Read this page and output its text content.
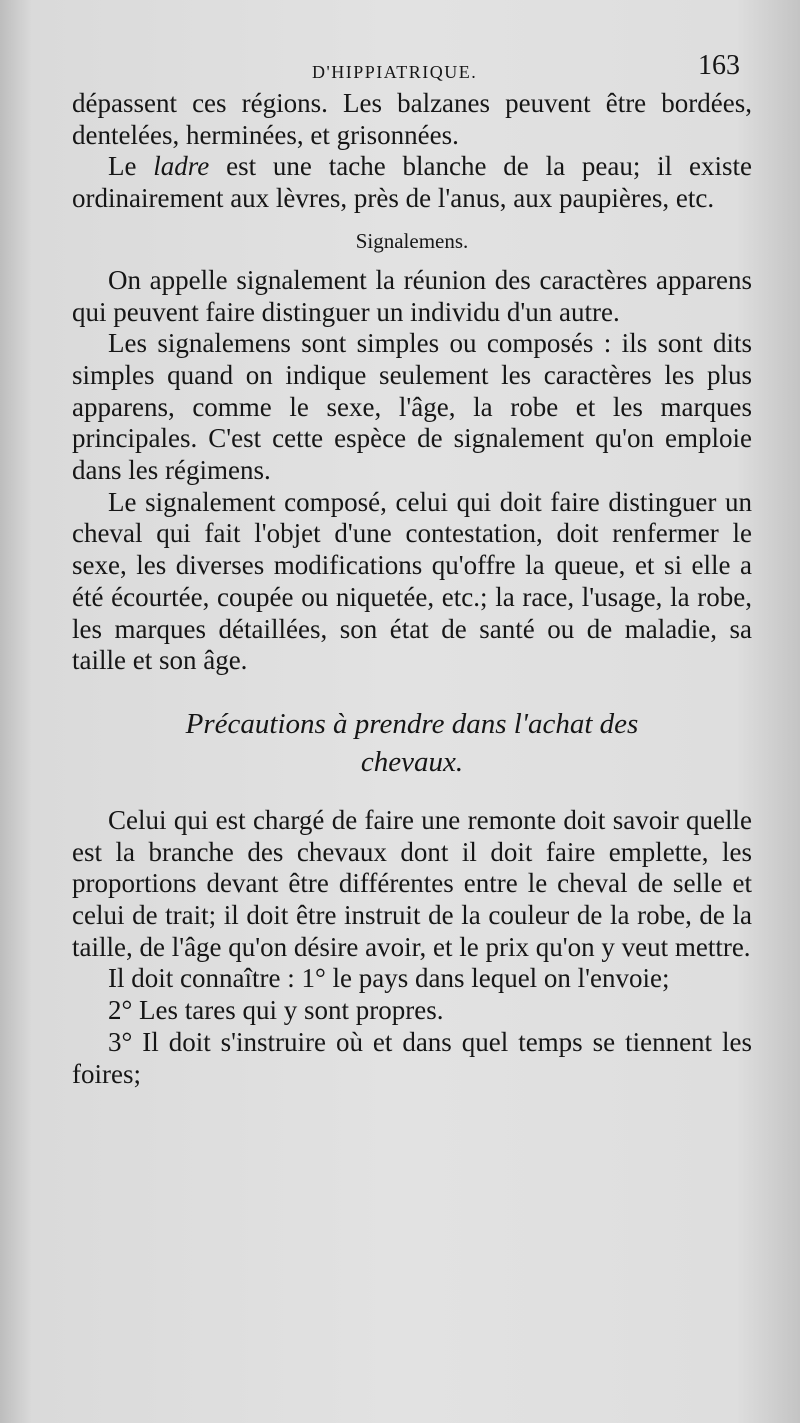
D'HIPPIATRIQUE.	163

dépassent ces régions. Les balzanes peuvent être bordées, dentelées, herminées, et grisonnées.

Le ladre est une tache blanche de la peau; il existe ordinairement aux lèvres, près de l'anus, aux paupières, etc.

Signalemens.

On appelle signalement la réunion des caractères apparens qui peuvent faire distinguer un individu d'un autre.

Les signalemens sont simples ou composés : ils sont dits simples quand on indique seulement les caractères les plus apparens, comme le sexe, l'âge, la robe et les marques principales. C'est cette espèce de signalement qu'on emploie dans les régimens.

Le signalement composé, celui qui doit faire distinguer un cheval qui fait l'objet d'une contestation, doit renfermer le sexe, les diverses modifications qu'offre la queue, et si elle a été écourtée, coupée ou niquetée, etc.; la race, l'usage, la robe, les marques détaillées, son état de santé ou de maladie, sa taille et son âge.

Précautions à prendre dans l'achat des
chevaux.

Celui qui est chargé de faire une remonte doit savoir quelle est la branche des chevaux dont il doit faire emplette, les proportions devant être différentes entre le cheval de selle et celui de trait; il doit être instruit de la couleur de la robe, de la taille, de l'âge qu'on désire avoir, et le prix qu'on y veut mettre.

Il doit connaître : 1° le pays dans lequel on l'envoie;

2° Les tares qui y sont propres.

3° Il doit s'instruire où et dans quel temps se tiennent les foires;
